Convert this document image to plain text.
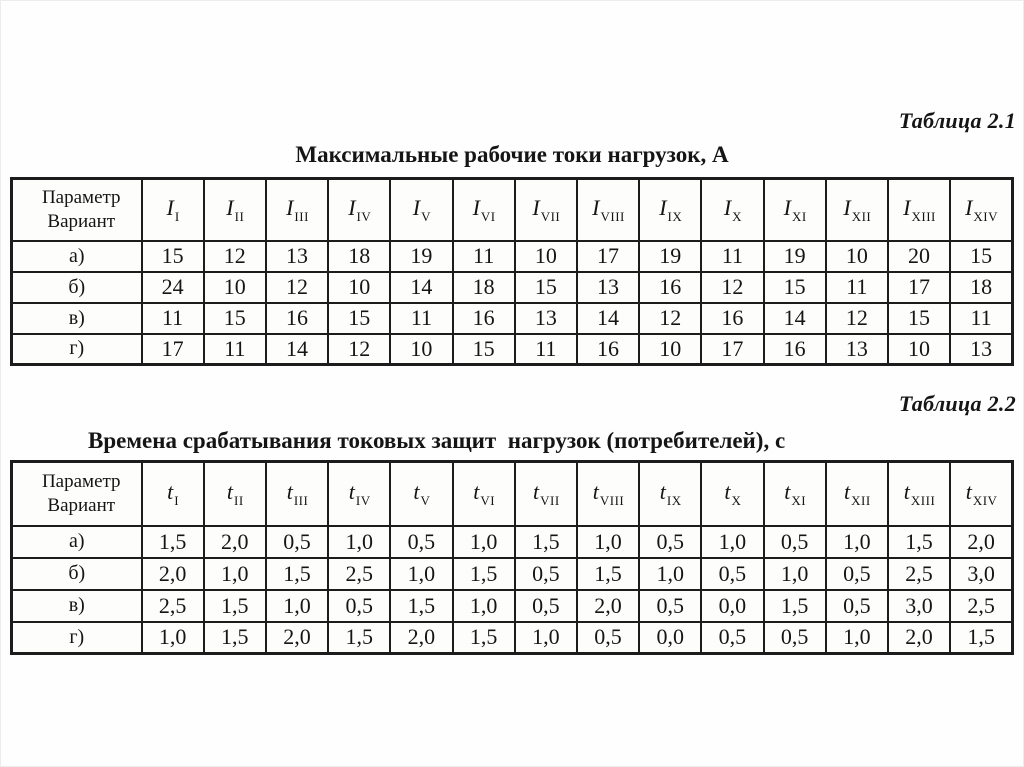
Таблица 2.1
Максимальные рабочие токи нагрузок, А
Параметр
Вариант	$I_I$	$I_{II}$	$I_{III}$	$I_{IV}$	$I_V$	$I_{VI}$	$I_{VII}$	$I_{VIII}$	$I_{IX}$	$I_X$	$I_{XI}$	$I_{XII}$	$I_{XIII}$	$I_{XIV}$
а)	15	12	13	18	19	11	10	17	19	11	19	10	20	15
б)	24	10	12	10	14	18	15	13	16	12	15	11	17	18
в)	11	15	16	15	11	16	13	14	12	16	14	12	15	11
г)	17	11	14	12	10	15	11	16	10	17	16	13	10	13
Таблица 2.2
Времена срабатывания токовых защит  нагрузок (потребителей), с
Параметр
Вариант	$t_I$	$t_{II}$	$t_{III}$	$t_{IV}$	$t_V$	$t_{VI}$	$t_{VII}$	$t_{VIII}$	$t_{IX}$	$t_X$	$t_{XI}$	$t_{XII}$	$t_{XIII}$	$t_{XIV}$
а)	1,5	2,0	0,5	1,0	0,5	1,0	1,5	1,0	0,5	1,0	0,5	1,0	1,5	2,0
б)	2,0	1,0	1,5	2,5	1,0	1,5	0,5	1,5	1,0	0,5	1,0	0,5	2,5	3,0
в)	2,5	1,5	1,0	0,5	1,5	1,0	0,5	2,0	0,5	0,0	1,5	0,5	3,0	2,5
г)	1,0	1,5	2,0	1,5	2,0	1,5	1,0	0,5	0,0	0,5	0,5	1,0	2,0	1,5
